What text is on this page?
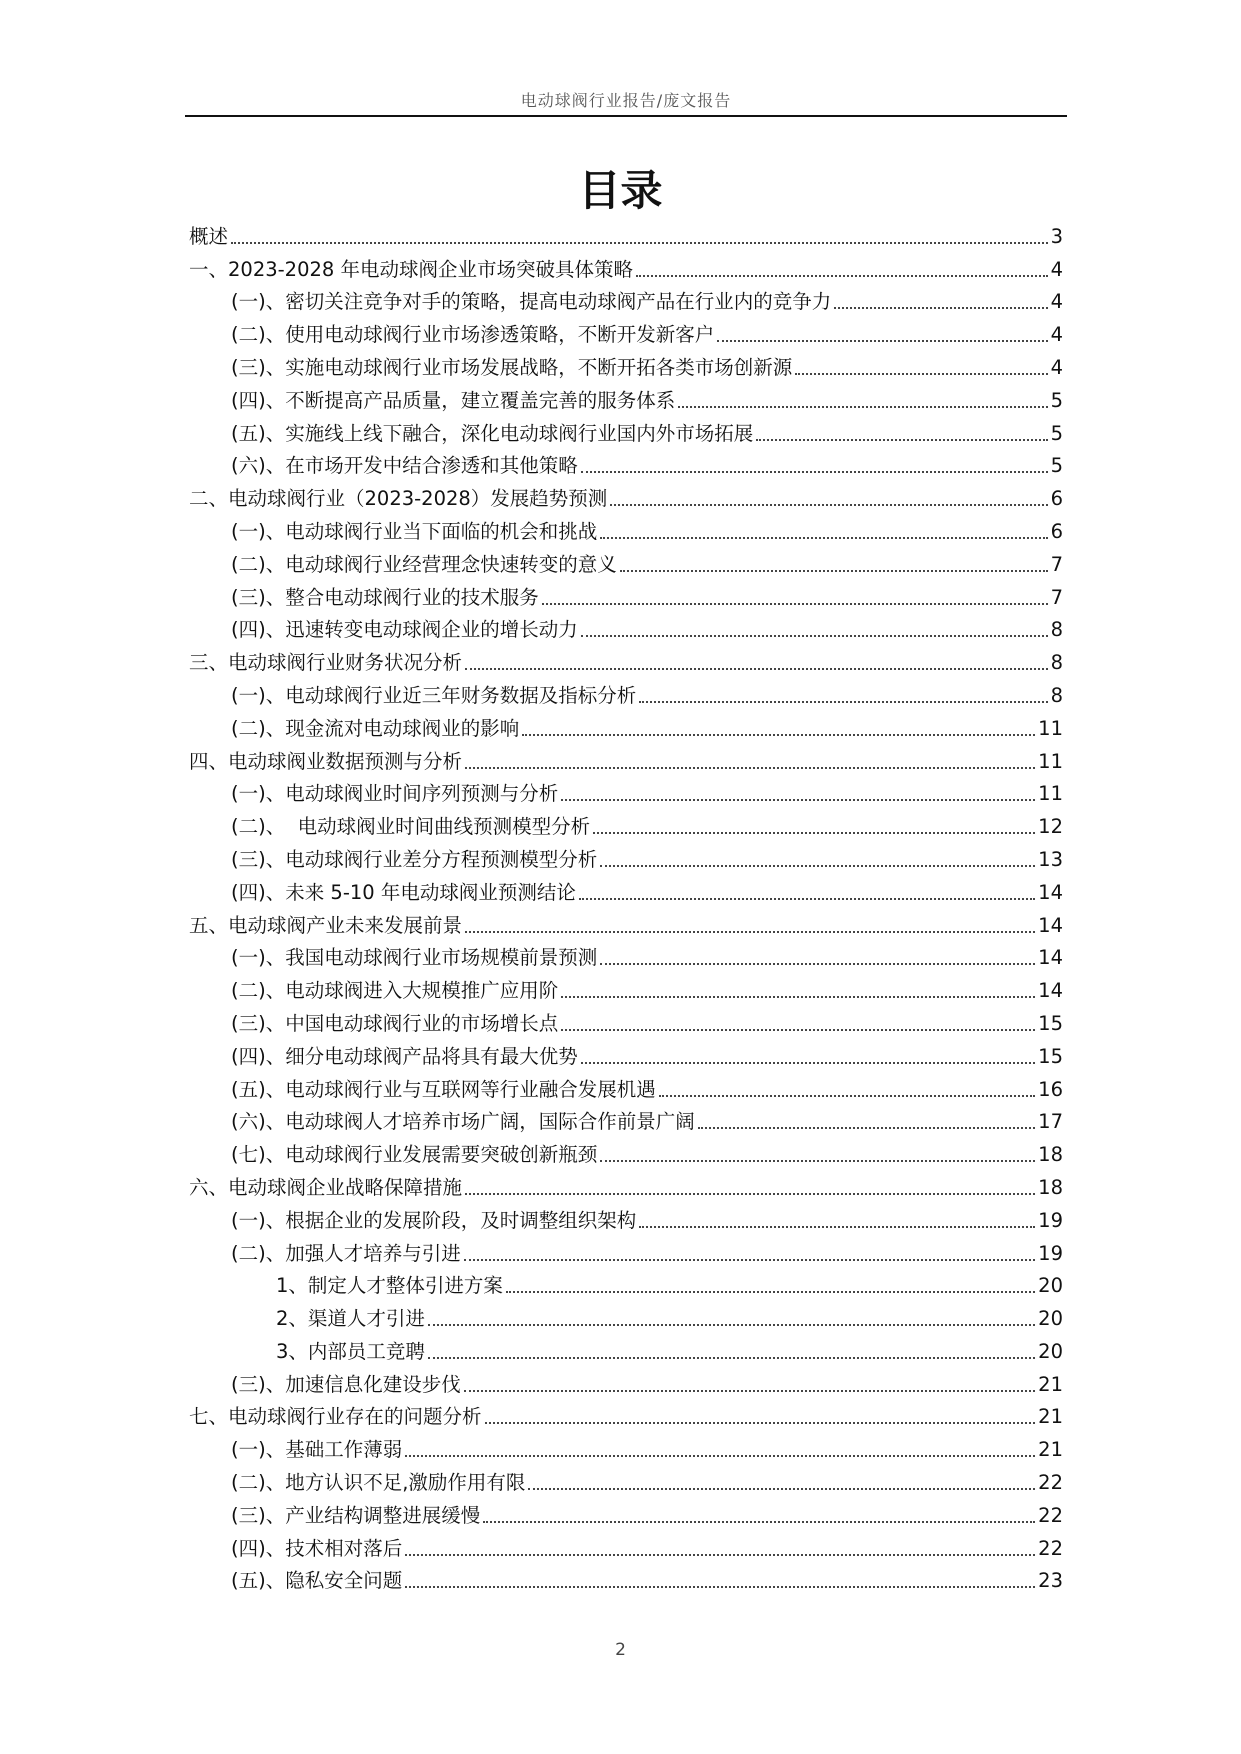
电动球阀行业报告/庞文报告
目录
概述	3
一、2023-2028 年电动球阀企业市场突破具体策略	4
(一)、密切关注竞争对手的策略，提高电动球阀产品在行业内的竞争力	4
(二)、使用电动球阀行业市场渗透策略，不断开发新客户	4
(三)、实施电动球阀行业市场发展战略，不断开拓各类市场创新源	4
(四)、不断提高产品质量，建立覆盖完善的服务体系	5
(五)、实施线上线下融合，深化电动球阀行业国内外市场拓展	5
(六)、在市场开发中结合渗透和其他策略	5
二、电动球阀行业（2023-2028）发展趋势预测	6
(一)、电动球阀行业当下面临的机会和挑战	6
(二)、电动球阀行业经营理念快速转变的意义	7
(三)、整合电动球阀行业的技术服务	7
(四)、迅速转变电动球阀企业的增长动力	8
三、电动球阀行业财务状况分析	8
(一)、电动球阀行业近三年财务数据及指标分析	8
(二)、现金流对电动球阀业的影响	11
四、电动球阀业数据预测与分析	11
(一)、电动球阀业时间序列预测与分析	11
(二)、  电动球阀业时间曲线预测模型分析	12
(三)、电动球阀行业差分方程预测模型分析	13
(四)、未来 5-10 年电动球阀业预测结论	14
五、电动球阀产业未来发展前景	14
(一)、我国电动球阀行业市场规模前景预测	14
(二)、电动球阀进入大规模推广应用阶	14
(三)、中国电动球阀行业的市场增长点	15
(四)、细分电动球阀产品将具有最大优势	15
(五)、电动球阀行业与互联网等行业融合发展机遇	16
(六)、电动球阀人才培养市场广阔，国际合作前景广阔	17
(七)、电动球阀行业发展需要突破创新瓶颈	18
六、电动球阀企业战略保障措施	18
(一)、根据企业的发展阶段，及时调整组织架构	19
(二)、加强人才培养与引进	19
1、制定人才整体引进方案	20
2、渠道人才引进	20
3、内部员工竞聘	20
(三)、加速信息化建设步伐	21
七、电动球阀行业存在的问题分析	21
(一)、基础工作薄弱	21
(二)、地方认识不足,激励作用有限	22
(三)、产业结构调整进展缓慢	22
(四)、技术相对落后	22
(五)、隐私安全问题	23
2
